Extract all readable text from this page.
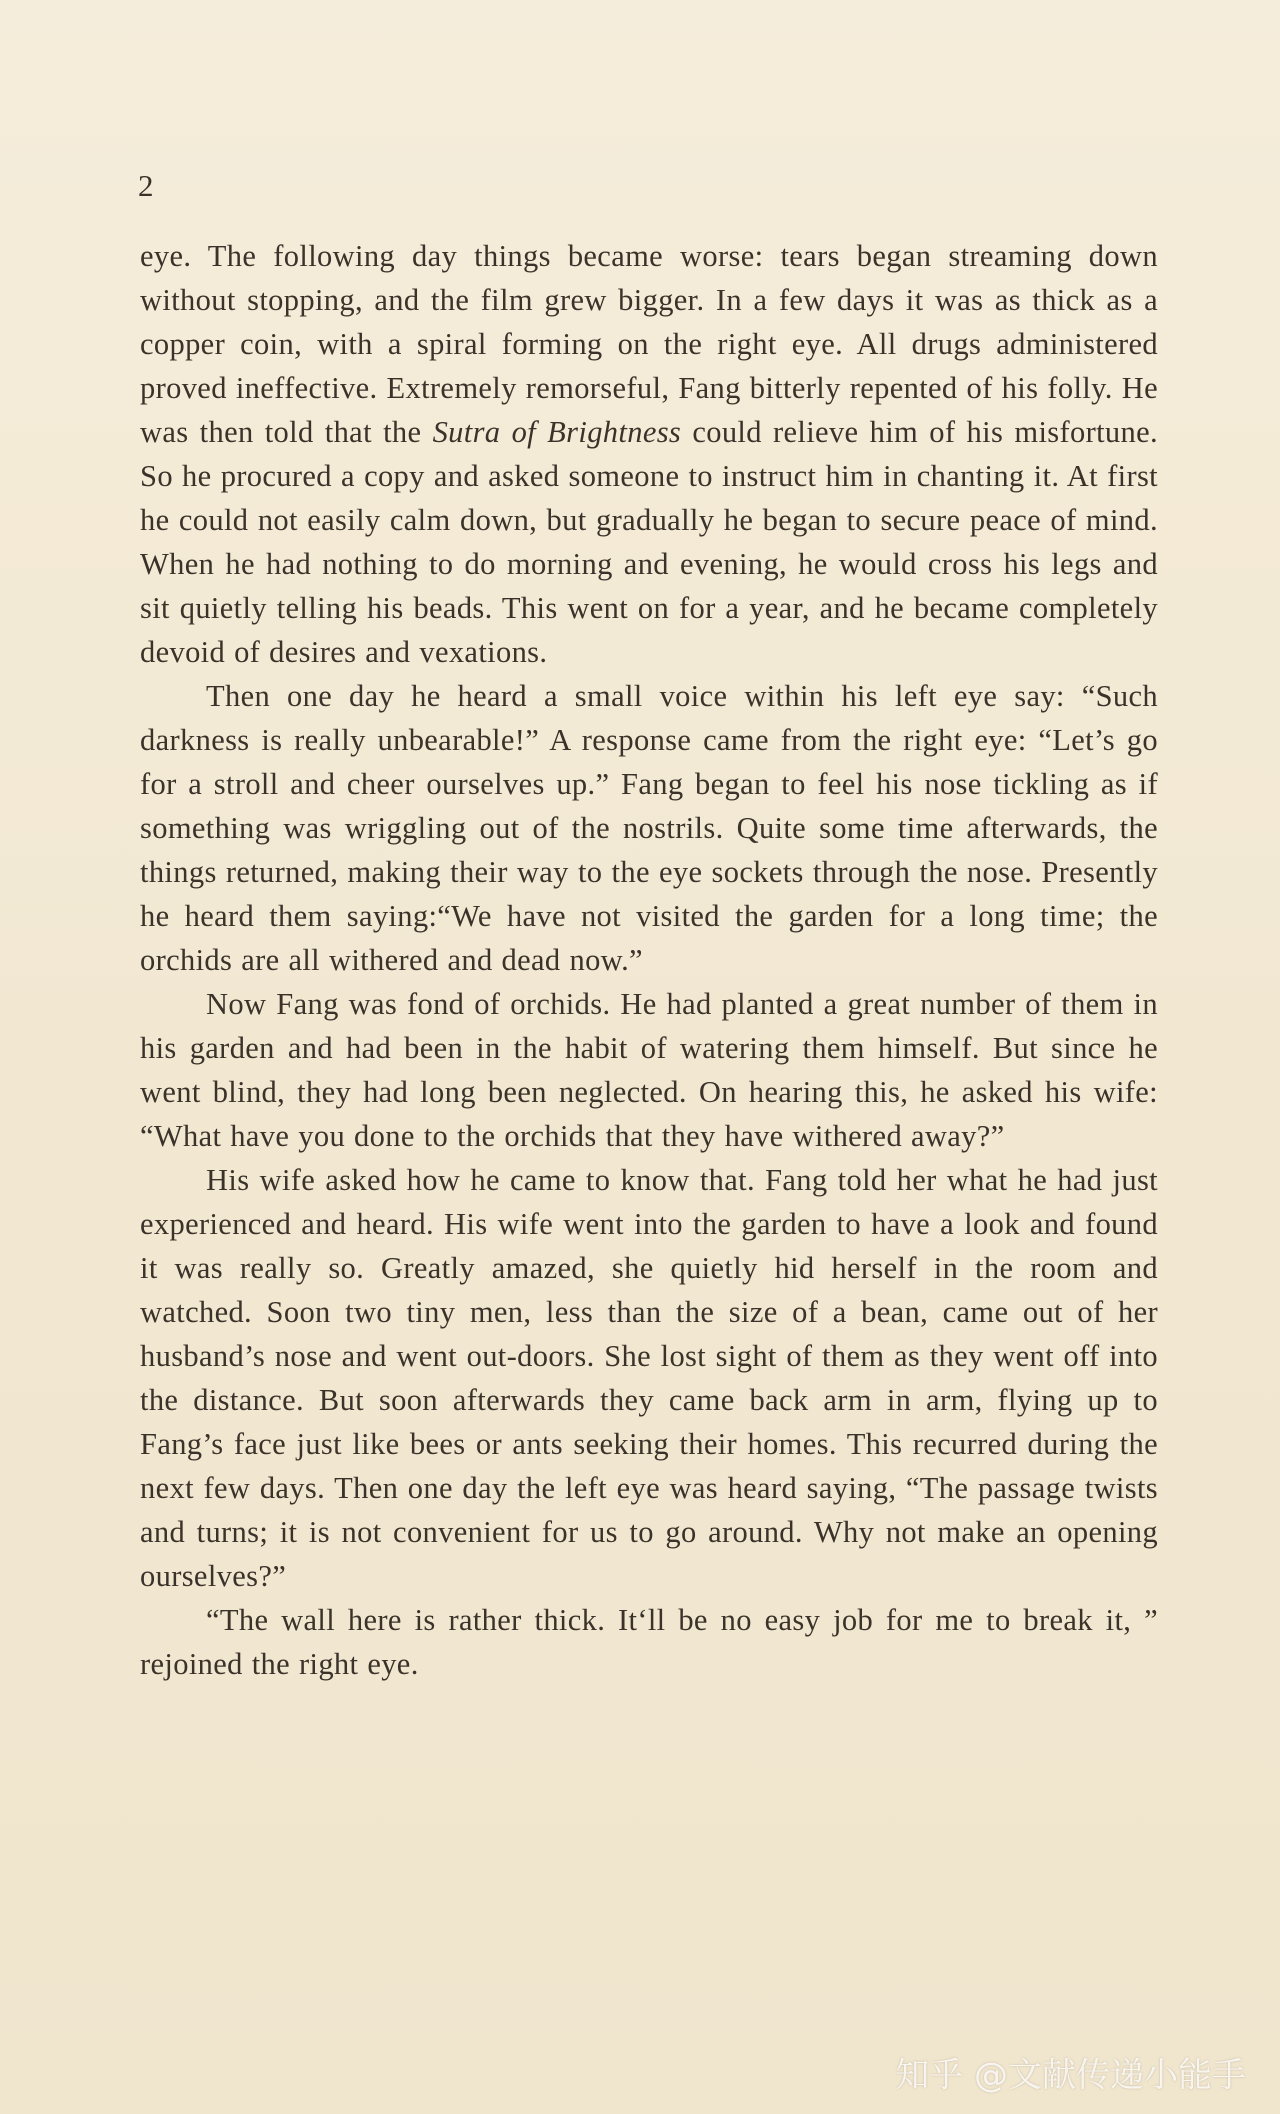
2

eye. The following day things became worse: tears began streaming down without stopping, and the film grew bigger. In a few days it was as thick as a copper coin, with a spiral forming on the right eye. All drugs administered proved ineffective. Extremely remorseful, Fang bitterly repented of his folly. He was then told that the Sutra of Brightness could relieve him of his misfortune. So he procured a copy and asked someone to instruct him in chanting it. At first he could not easily calm down, but gradually he began to secure peace of mind. When he had nothing to do morning and evening, he would cross his legs and sit quietly telling his beads. This went on for a year, and he became completely devoid of desires and vexations.

Then one day he heard a small voice within his left eye say: “Such darkness is really unbearable!” A response came from the right eye: “Let’s go for a stroll and cheer ourselves up.” Fang began to feel his nose tickling as if something was wriggling out of the nostrils. Quite some time afterwards, the things returned, making their way to the eye sockets through the nose. Presently he heard them saying:“We have not visited the garden for a long time; the orchids are all withered and dead now.”

Now Fang was fond of orchids. He had planted a great number of them in his garden and had been in the habit of watering them himself. But since he went blind, they had long been neglected. On hearing this, he asked his wife: “What have you done to the orchids that they have withered away?”

His wife asked how he came to know that. Fang told her what he had just experienced and heard. His wife went into the garden to have a look and found it was really so. Greatly amazed, she quietly hid herself in the room and watched. Soon two tiny men, less than the size of a bean, came out of her husband’s nose and went out-doors. She lost sight of them as they went off into the distance. But soon afterwards they came back arm in arm, flying up to Fang’s face just like bees or ants seeking their homes. This recurred during the next few days. Then one day the left eye was heard saying, “The passage twists and turns; it is not convenient for us to go around. Why not make an opening ourselves?”

“The wall here is rather thick. It‘ll be no easy job for me to break it, ” rejoined the right eye.

知乎 @文献传递小能手
